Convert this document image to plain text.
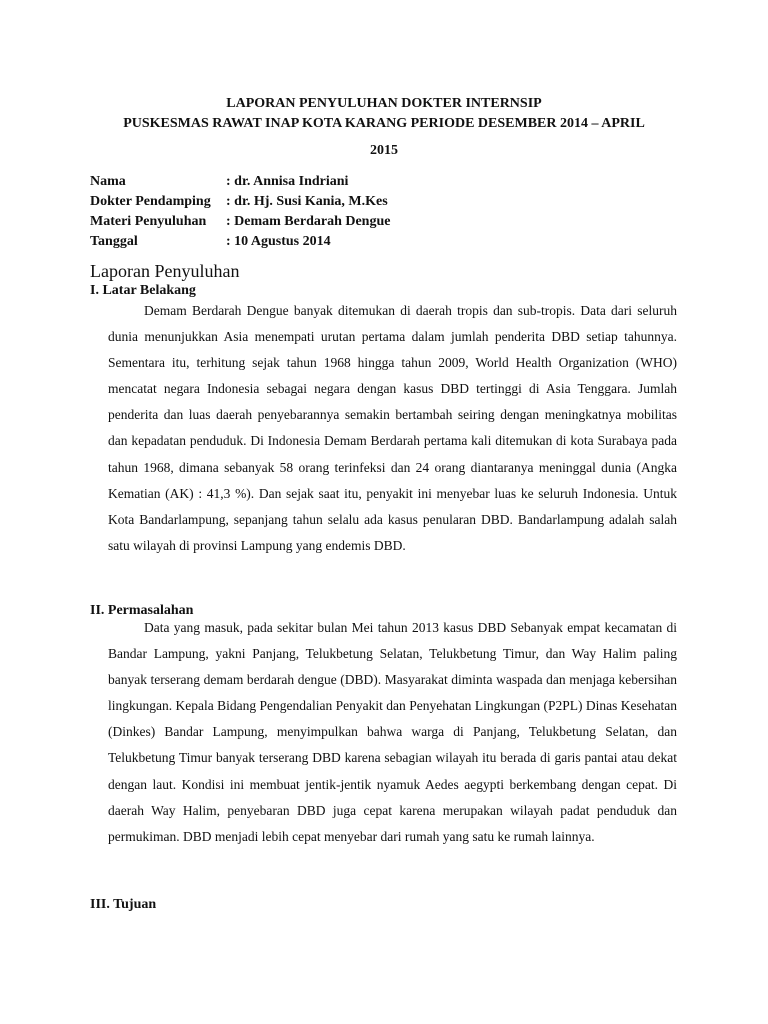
LAPORAN PENYULUHAN DOKTER INTERNSIP
PUSKESMAS RAWAT INAP KOTA KARANG PERIODE DESEMBER 2014 – APRIL
2015
Nama	: dr. Annisa Indriani
Dokter Pendamping : dr. Hj. Susi Kania, M.Kes
Materi Penyuluhan : Demam Berdarah Dengue
Tanggal	: 10 Agustus 2014
Laporan Penyuluhan
I. Latar Belakang

Demam Berdarah Dengue banyak ditemukan di daerah tropis dan sub-tropis. Data dari seluruh dunia menunjukkan Asia menempati urutan pertama dalam jumlah penderita DBD setiap tahunnya. Sementara itu, terhitung sejak tahun 1968 hingga tahun 2009, World Health Organization (WHO) mencatat negara Indonesia sebagai negara dengan kasus DBD tertinggi di Asia Tenggara. Jumlah penderita dan luas daerah penyebarannya semakin bertambah seiring dengan meningkatnya mobilitas dan kepadatan penduduk. Di Indonesia Demam Berdarah pertama kali ditemukan di kota Surabaya pada tahun 1968, dimana sebanyak 58 orang terinfeksi dan 24 orang diantaranya meninggal dunia (Angka Kematian (AK) : 41,3 %). Dan sejak saat itu, penyakit ini menyebar luas ke seluruh Indonesia. Untuk Kota Bandarlampung, sepanjang tahun selalu ada kasus penularan DBD. Bandarlampung adalah salah satu wilayah di provinsi Lampung yang endemis DBD.

II. Permasalahan

Data yang masuk, pada sekitar bulan Mei tahun 2013 kasus DBD Sebanyak empat kecamatan di Bandar Lampung, yakni Panjang, Telukbetung Selatan, Telukbetung Timur, dan Way Halim paling banyak terserang demam berdarah dengue (DBD). Masyarakat diminta waspada dan menjaga kebersihan lingkungan. Kepala Bidang Pengendalian Penyakit dan Penyehatan Lingkungan (P2PL) Dinas Kesehatan (Dinkes) Bandar Lampung, menyimpulkan bahwa warga di Panjang, Telukbetung Selatan, dan Telukbetung Timur banyak terserang DBD karena sebagian wilayah itu berada di garis pantai atau dekat dengan laut. Kondisi ini membuat jentik-jentik nyamuk Aedes aegypti berkembang dengan cepat. Di daerah Way Halim, penyebaran DBD juga cepat karena merupakan wilayah padat penduduk dan permukiman. DBD menjadi lebih cepat menyebar dari rumah yang satu ke rumah lainnya.

III. Tujuan
